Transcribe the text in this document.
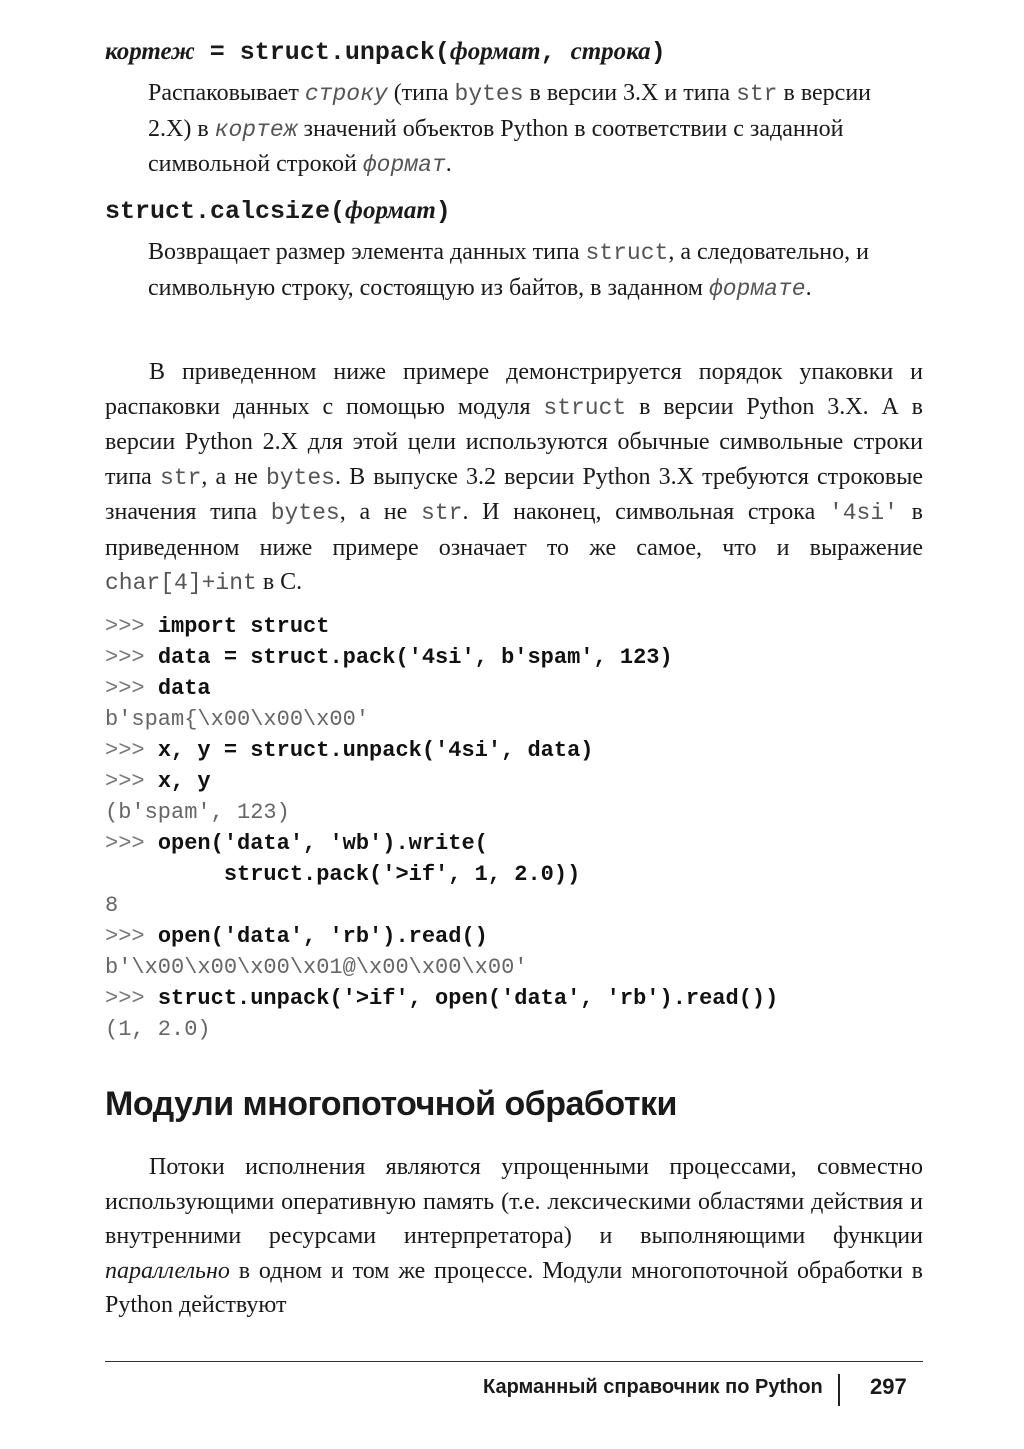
кортеж = struct.unpack(формат, строка)
Распаковывает строку (типа bytes в версии 3.X и типа str в версии 2.X) в кортеж значений объектов Python в соответствии с заданной символьной строкой формат.
struct.calcsize(формат)
Возвращает размер элемента данных типа struct, а следовательно, и символьную строку, состоящую из байтов, в заданном формате.
В приведенном ниже примере демонстрируется порядок упаковки и распаковки данных с помощью модуля struct в версии Python 3.X. А в версии Python 2.X для этой цели используются обычные символьные строки типа str, а не bytes. В выпуске 3.2 версии Python 3.X требуются строковые значения типа bytes, а не str. И наконец, символьная строка '4si' в приведенном ниже примере означает то же самое, что и выражение char[4]+int в C.
>>> import struct
>>> data = struct.pack('4si', b'spam', 123)
>>> data
b'spam{\x00\x00\x00'
>>> x, y = struct.unpack('4si', data)
>>> x, y
(b'spam', 123)
>>> open('data', 'wb').write(
struct.pack('>if', 1, 2.0))
8
>>> open('data', 'rb').read()
b'\x00\x00\x00\x01@\x00\x00\x00'
>>> struct.unpack('>if', open('data', 'rb').read())
(1, 2.0)
Модули многопоточной обработки
Потоки исполнения являются упрощенными процессами, совместно использующими оперативную память (т.е. лексическими областями действия и внутренними ресурсами интерпретатора) и выполняющими функции параллельно в одном и том же процессе. Модули многопоточной обработки в Python действуют
Карманный справочник по Python 297
